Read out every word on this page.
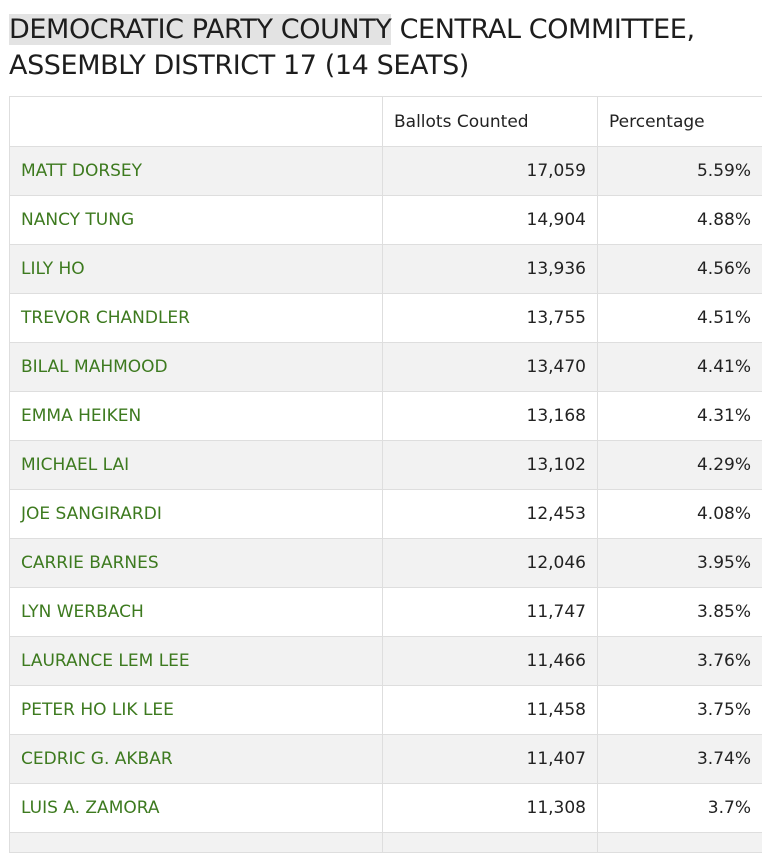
DEMOCRATIC PARTY COUNTY CENTRAL COMMITTEE,
ASSEMBLY DISTRICT 17 (14 SEATS)
	Ballots Counted	Percentage
MATT DORSEY	17,059	5.59%
NANCY TUNG	14,904	4.88%
LILY HO	13,936	4.56%
TREVOR CHANDLER	13,755	4.51%
BILAL MAHMOOD	13,470	4.41%
EMMA HEIKEN	13,168	4.31%
MICHAEL LAI	13,102	4.29%
JOE SANGIRARDI	12,453	4.08%
CARRIE BARNES	12,046	3.95%
LYN WERBACH	11,747	3.85%
LAURANCE LEM LEE	11,466	3.76%
PETER HO LIK LEE	11,458	3.75%
CEDRIC G. AKBAR	11,407	3.74%
LUIS A. ZAMORA	11,308	3.7%
